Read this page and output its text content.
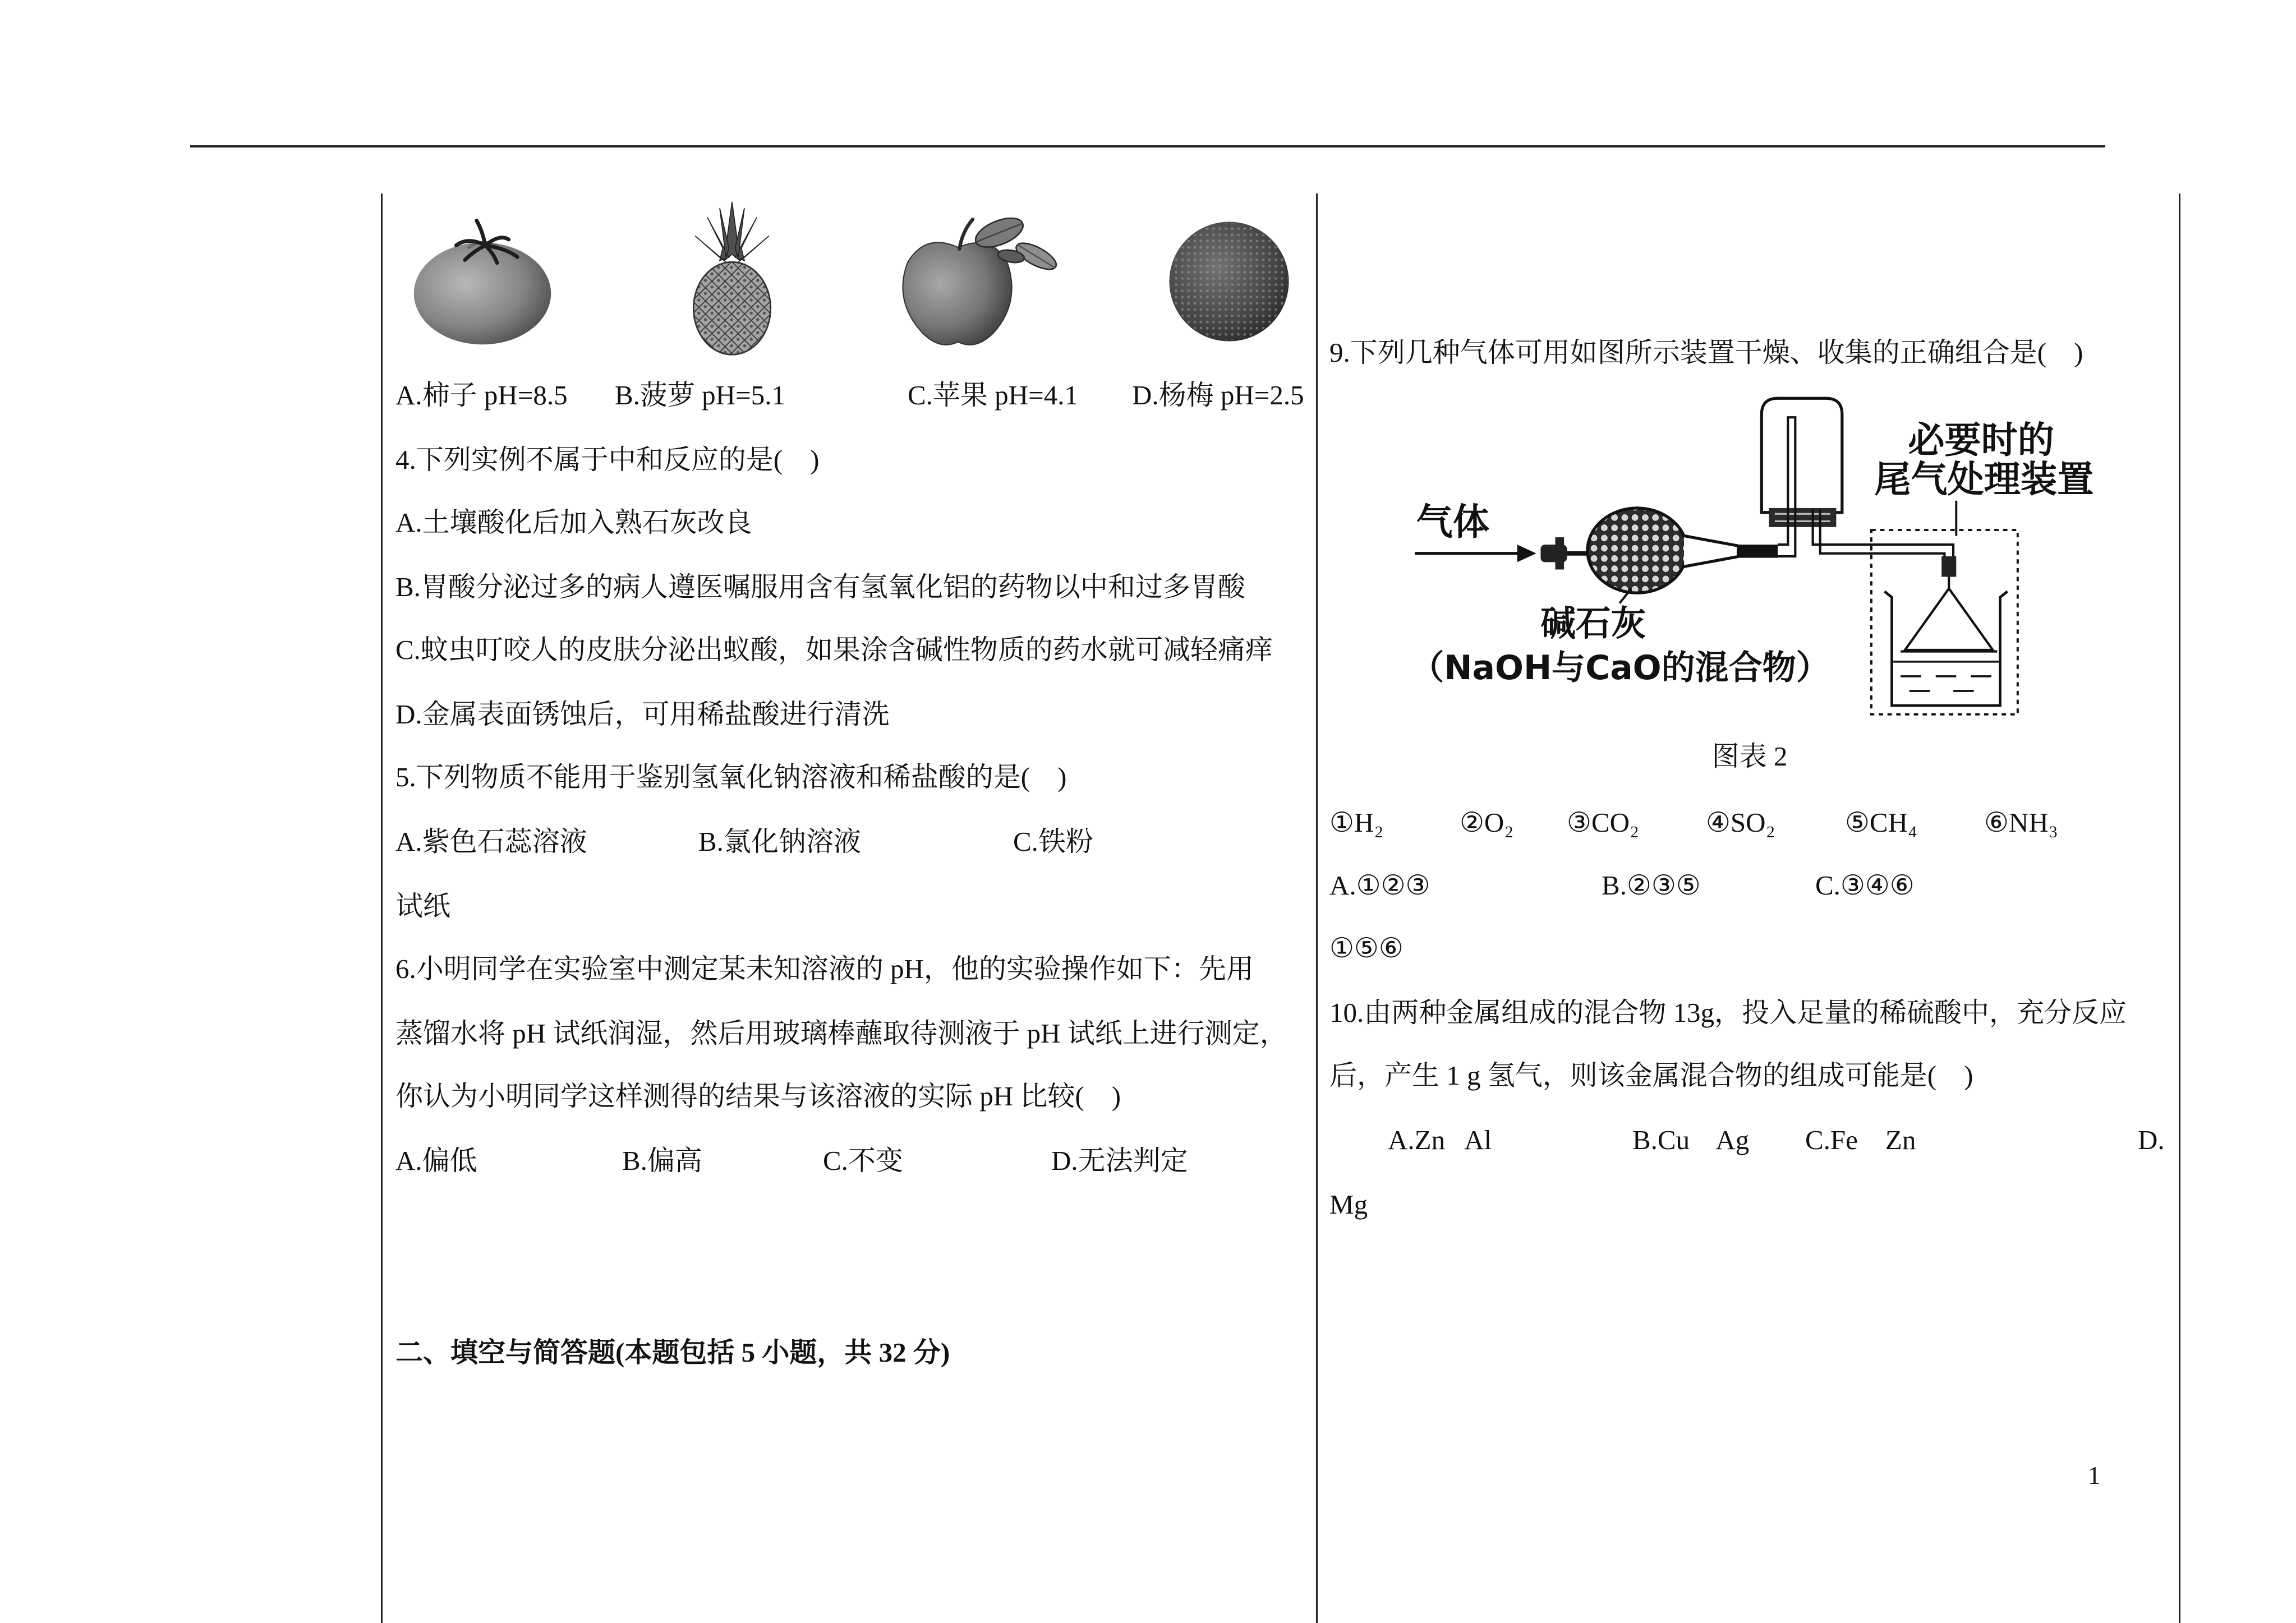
A.柿子 pH=8.5 B.菠萝 pH=5.1	C.苹果 pH=4.1 D.杨梅 pH=2.5
4.下列实例不属于中和反应的是(    )
A.土壤酸化后加入熟石灰改良
B.胃酸分泌过多的病人遵医嘱服用含有氢氧化铝的药物以中和过多胃酸
C.蚊虫叮咬人的皮肤分泌出蚁酸，如果涂含碱性物质的药水就可减轻痛痒
D.金属表面锈蚀后，可用稀盐酸进行清洗
5.下列物质不能用于鉴别氢氧化钠溶液和稀盐酸的是(    )
A.紫色石蕊溶液	B.氯化钠溶液	C.铁粉
试纸
6.小明同学在实验室中测定某未知溶液的 pH，他的实验操作如下：先用
蒸馏水将 pH 试纸润湿，然后用玻璃棒蘸取待测液于 pH 试纸上进行测定，
你认为小明同学这样测得的结果与该溶液的实际 pH 比较(    )
A.偏低	B.偏高	C.不变	D.无法判定
二、填空与简答题(本题包括 5 小题，共 32 分)
9.下列几种气体可用如图所示装置干燥、收集的正确组合是(    )
气体
碱石灰
（NaOH与CaO的混合物）
必要时的
尾气处理装置
图表 2
①H₂	②O₂ ③CO₂ ④SO₂	⑤CH₄ ⑥NH₃
A.①②③	B.②③⑤	C.③④⑥
①⑤⑥
10.由两种金属组成的混合物 13g，投入足量的稀硫酸中，充分反应
后，产生 1 g 氢气，则该金属混合物的组成可能是(    )
A.Zn   Al	B.Cu    Ag C.Fe    Zn	D.
Mg
1
